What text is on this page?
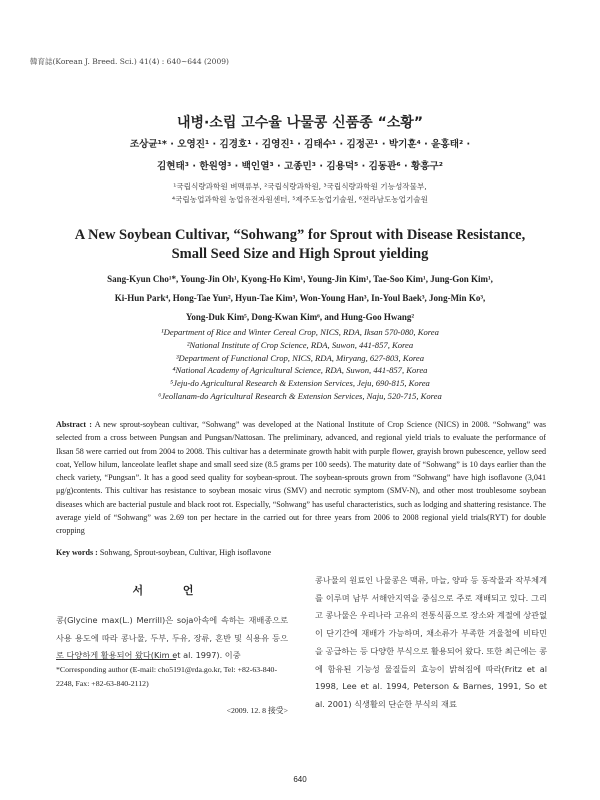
韓育誌(Korean J. Breed. Sci.) 41(4) : 640~644 (2009)
내병·소립 고수율 나물콩 신품종 “소황”
조상균¹* · 오영진¹ · 김경호¹ · 김영진¹ · 김태수¹ · 김정곤¹ · 박기훈⁴ · 윤홍태² ·
김현태³ · 한원영³ · 백인열³ · 고종민³ · 김용덕⁵ · 김동관⁶ · 황흥구²
¹국립식량과학원 벼맥류부, ²국립식량과학원, ³국립식량과학원 기능성작물부,
⁴국립농업과학원 농업유전자원센터, ⁵제주도농업기술원, ⁶전라남도농업기술원
A New Soybean Cultivar, “Sohwang” for Sprout with Disease Resistance,
Small Seed Size and High Sprout yielding
Sang-Kyun Cho¹*, Young-Jin Oh¹, Kyong-Ho Kim¹, Young-Jin Kim¹, Tae-Soo Kim¹, Jung-Gon Kim¹,
Ki-Hun Park⁴, Hong-Tae Yun², Hyun-Tae Kim³, Won-Young Han³, In-Youl Baek³, Jong-Min Ko³,
Yong-Duk Kim⁵, Dong-Kwan Kim⁶, and Hung-Goo Hwang²
¹Department of Rice and Winter Cereal Crop, NICS, RDA, Iksan 570-080, Korea
²National Institute of Crop Science, RDA, Suwon, 441-857, Korea
³Department of Functional Crop, NICS, RDA, Miryang, 627-803, Korea
⁴National Academy of Agricultural Science, RDA, Suwon, 441-857, Korea
⁵Jeju-do Agricultural Research & Extension Services, Jeju, 690-815, Korea
⁶Jeollanam-do Agricultural Research & Extension Services, Naju, 520-715, Korea
Abstract : A new sprout-soybean cultivar, “Sohwang” was developed at the National Institute of Crop Science (NICS) in 2008. “Sohwang” was selected from a cross between Pungsan and Pungsan/Nattosan. The preliminary, advanced, and regional yield trials to evaluate the performance of Iksan 58 were carried out from 2004 to 2008. This cultivar has a determinate growth habit with purple flower, grayish brown pubescence, yellow seed coat, Yellow hilum, lanceolate leaflet shape and small seed size (8.5 grams per 100 seeds). The maturity date of “Sohwang” is 10 days earlier than the check variety, “Pungsan”. It has a good seed quality for soybean-sprout. The soybean-sprouts grown from “Sohwang” have high isoflavone (3,041 μg/g)contents. This cultivar has resistance to soybean mosaic virus (SMV) and necrotic symptom (SMV-N), and other most troublesome soybean diseases which are bacterial pustule and black root rot. Especially, “Sohwang” has useful characteristics, such as lodging and shattering resistance. The average yield of “Sohwang” was 2.69 ton per hectare in the carried out for three years from 2006 to 2008 regional yield trials(RYT) for double cropping
Key words : Sohwang, Sprout-soybean, Cultivar, High isoflavone
서 언
콩(Glycine max(L.) Merrill)은 soja아속에 속하는 재배종으로 사용 용도에 따라 콩나물, 두부, 두유, 장류, 혼반 및 식용유 등으로 다양하게 활용되어 왔다(Kim et al. 1997). 이중
*Corresponding author (E-mail: cho5191@rda.go.kr, Tel: +82-63-840-2248, Fax: +82-63-840-2112)
<2009. 12. 8 接受>
콩나물의 원료인 나물콩은 맥류, 마늘, 양파 등 동작물과 작부체계를 이루며 남부 서해안지역을 중심으로 주로 재배되고 있다. 그리고 콩나물은 우리나라 고유의 전통식품으로 장소와 계절에 상관없이 단기간에 재배가 가능하며, 채소류가 부족한 겨울철에 비타민을 공급하는 등 다양한 부식으로 활용되어 왔다. 또한 최근에는 콩에 함유된 기능성 물질들의 효능이 밝혀짐에 따라(Fritz et al 1998, Lee et al. 1994, Peterson & Barnes, 1991, So et al. 2001) 식생활의 단순한 부식의 재료
640
